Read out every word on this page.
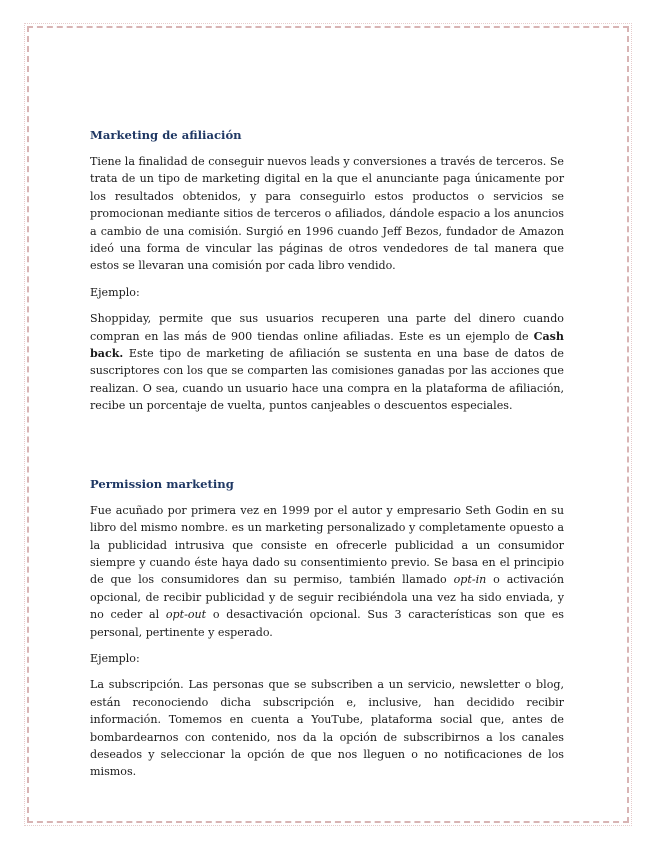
Marketing de afiliación

Tiene la finalidad de conseguir nuevos leads y conversiones a través de terceros. Se trata de un tipo de marketing digital en la que el anunciante paga únicamente por los resultados obtenidos, y para conseguirlo estos productos o servicios se promocionan mediante sitios de terceros o afiliados, dándole espacio a los anuncios a cambio de una comisión. Surgió en 1996 cuando Jeff Bezos, fundador de Amazon ideó una forma de vincular las páginas de otros vendedores de tal manera que estos se llevaran una comisión por cada libro vendido.

Ejemplo:

Shoppiday, permite que sus usuarios recuperen una parte del dinero cuando compran en las más de 900 tiendas online afiliadas. Este es un ejemplo de Cash back. Este tipo de marketing de afiliación se sustenta en una base de datos de suscriptores con los que se comparten las comisiones ganadas por las acciones que realizan. O sea, cuando un usuario hace una compra en la plataforma de afiliación, recibe un porcentaje de vuelta, puntos canjeables o descuentos especiales.

Permission marketing

Fue acuñado por primera vez en 1999 por el autor y empresario Seth Godin en su libro del mismo nombre. es un marketing personalizado y completamente opuesto a la publicidad intrusiva que consiste en ofrecerle publicidad a un consumidor siempre y cuando éste haya dado su consentimiento previo. Se basa en el principio de que los consumidores dan su permiso, también llamado opt-in o activación opcional, de recibir publicidad y de seguir recibiéndola una vez ha sido enviada, y no ceder al opt-out o desactivación opcional. Sus 3 características son que es personal, pertinente y esperado.

Ejemplo:

La subscripción. Las personas que se subscriben a un servicio, newsletter o blog, están reconociendo dicha subscripción e, inclusive, han decidido recibir información. Tomemos en cuenta a YouTube, plataforma social que, antes de bombardearnos con contenido, nos da la opción de subscribirnos a los canales deseados y seleccionar la opción de que nos lleguen o no notificaciones de los mismos.
